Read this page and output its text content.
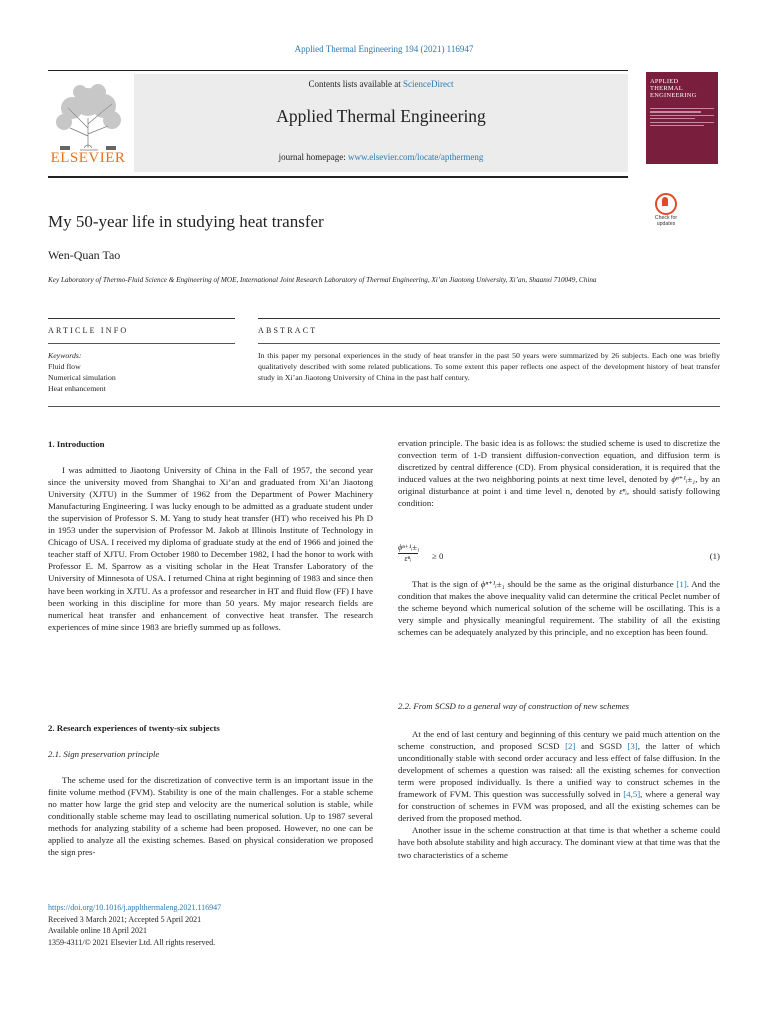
Applied Thermal Engineering 194 (2021) 116947
Contents lists available at ScienceDirect
Applied Thermal Engineering
journal homepage: www.elsevier.com/locate/apthermeng
ELSEVIER
APPLIED
THERMAL
ENGINEERING
Check for
updates
My 50-year life in studying heat transfer
Wen-Quan Tao
Key Laboratory of Thermo-Fluid Science & Engineering of MOE, International Joint Research Laboratory of Thermal Engineering, Xi’an Jiaotong University, Xi’an, Shaanxi 710049, China
ARTICLE INFO	ABSTRACT
Keywords:
Fluid flow
Numerical simulation
Heat enhancement
In this paper my personal experiences in the study of heat transfer in the past 50 years were summarized by 26 subjects. Each one was briefly qualitatively described with some related publications. To some extent this paper reflects one aspect of the development history of heat transfer study in Xi’an Jiaotong University of China in the past half century.

1. Introduction

I was admitted to Jiaotong University of China in the Fall of 1957, the second year since the university moved from Shanghai to Xi’an and graduated from Xi’an Jiaotong University (XJTU) in the Summer of 1962 from the Department of Power Machinery Manufacturing Engineering. I was lucky enough to be admitted as a graduate student under the supervision of Professor S. M. Yang to study heat transfer (HT) who received his Ph D in 1953 under the supervision of Professor M. Jakob at Illinois Institute of Technology in Chicago of USA. I received my diploma of graduate study at the end of 1966 and joined the teacher staff of XJTU. From October 1980 to December 1982, I had the honor to work with Professor E. M. Sparrow as a visiting scholar in the Heat Transfer Laboratory of the University of Minnesota of USA. I returned China at right beginning of 1983 and since then have been working in XJTU. As a professor and researcher in HT and fluid flow (FF) I have been working in this discipline for more than 50 years. My major research fields are numerical heat transfer and enhancement of convective heat transfer. The research experiences of mine since 1983 are briefly summed up as follows.

2. Research experiences of twenty-six subjects

2.1. Sign preservation principle

The scheme used for the discretization of convective term is an important issue in the finite volume method (FVM). Stability is one of the main challenges. For a stable scheme no matter how large the grid step and velocity are the numerical solution is stable, while conditionally stable scheme may lead to oscillating numerical solution. Up to 1987 several methods for analyzing stability of a scheme had been proposed. However, no one can be applied to analyze all the existing schemes. Based on physical consideration we proposed the sign pres-

ervation principle. The basic idea is as follows: the studied scheme is used to discretize the convection term of 1-D transient diffusion-convection equation, and diffusion term is discretized by central difference (CD). From physical consideration, it is required that the induced values at the two neighboring points at next time level, denoted by ϕⁿ⁺¹ᵢ±₁, by an original disturbance at point i and time level n, denoted by εⁿᵢ, should satisfy following condition:

ϕⁿ⁺¹ᵢ±₁
εⁿᵢ	≥ 0	(1)

That is the sign of ϕⁿ⁺¹ᵢ±₁ should be the same as the original disturbance [1]. And the condition that makes the above inequality valid can determine the critical Peclet number of the scheme beyond which numerical solution of the scheme will be oscillating. This is a very simple and physically meaningful requirement. The stability of all the existing schemes can be adequately analyzed by this principle, and no exception has been found.

2.2. From SCSD to a general way of construction of new schemes

At the end of last century and beginning of this century we paid much attention on the scheme construction, and proposed SCSD [2] and SGSD [3], the latter of which unconditionally stable with second order accuracy and less effect of false diffusion. In the development of schemes a question was raised: all the existing schemes for convection term were proposed individually. Is there a unified way to construct schemes in the framework of FVM. This question was successfully solved in [4,5], where a general way for construction of schemes in FVM was proposed, and all the existing schemes can be derived from the proposed method.

Another issue in the scheme construction at that time is that whether a scheme could have both absolute stability and high accuracy. The dominant view at that time was that the two characteristics of a scheme

https://doi.org/10.1016/j.applthermaleng.2021.116947
Received 3 March 2021; Accepted 5 April 2021
Available online 18 April 2021
1359-4311/© 2021 Elsevier Ltd. All rights reserved.
